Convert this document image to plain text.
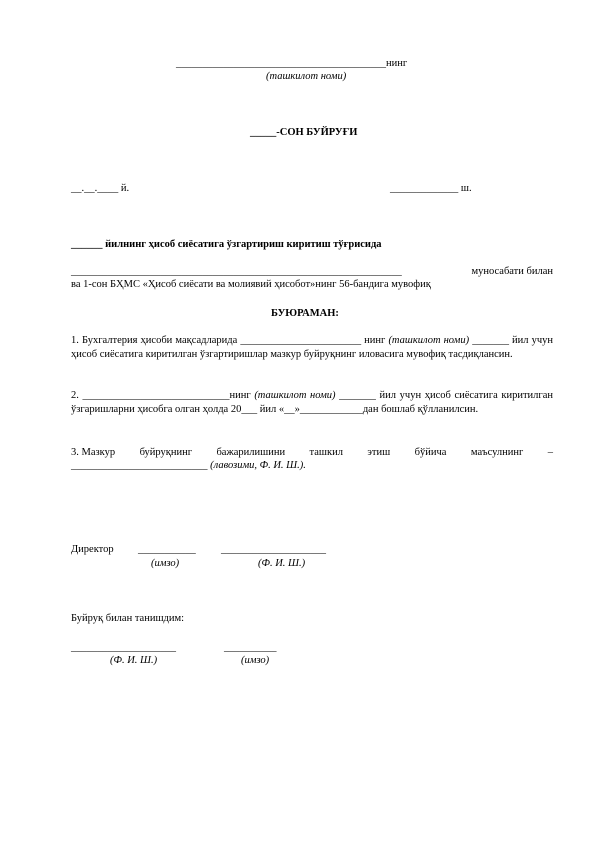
________________________________________нинг
(ташкилот номи)
_____-СОН БУЙРУҒИ
__.__.____ й.	_____________ ш.
______ йилнинг ҳисоб сиёсатига ўзгартириш киритиш тўғрисида
_______________________________________________________________	муносабати билан
ва 1-сон БҲМС «Ҳисоб сиёсати ва молиявий ҳисобот»нинг 56-бандига мувофиқ
БУЮРАМАН:
1. Бухгалтерия ҳисоби мақсадларида _______________________ нинг (ташкилот номи) _______ йил учун ҳисоб сиёсатига киритилган ўзгартиришлар мазкур буйруқнинг иловасига мувофиқ тасдиқлансин.
2. ____________________________нинг (ташкилот номи) _______ йил учун ҳисоб сиёсатига киритилган ўзгаришларни ҳисобга олган ҳолда 20___ йил «__»____________дан бошлаб қўлланилсин.
3. Мазкур буйруқнинг бажарилишини ташкил этиш бўйича маъсулнинг –
__________________________ (лавозими, Ф. И. Ш.).
Директор ___________ ____________________
(имзо)	(Ф. И. Ш.)
Буйруқ билан танишдим:
____________________	__________
(Ф. И. Ш.)	(имзо)
